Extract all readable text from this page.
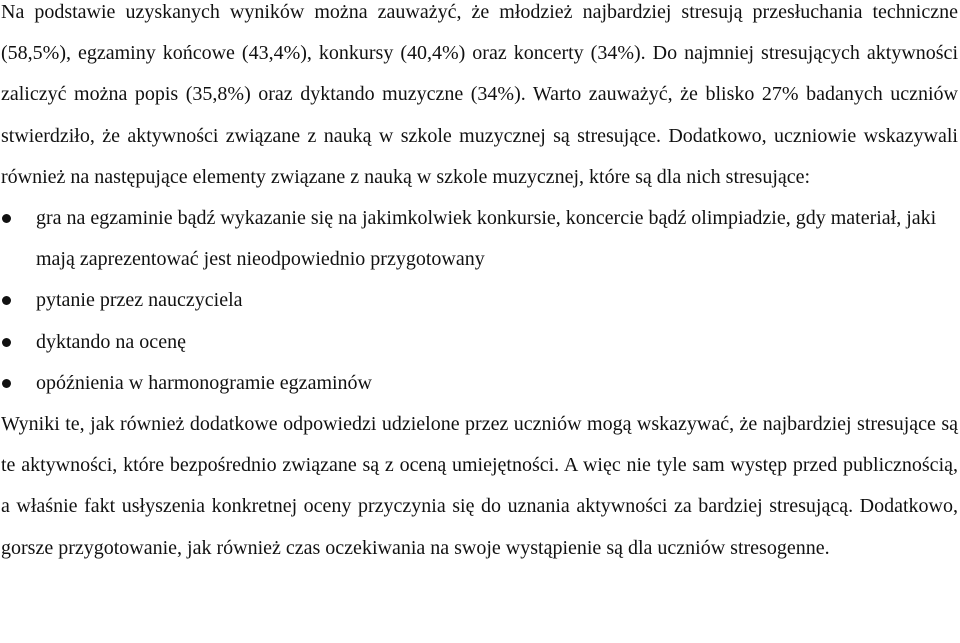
Na podstawie uzyskanych wyników można zauważyć, że młodzież najbardziej stresują przesłuchania techniczne (58,5%), egzaminy końcowe (43,4%), konkursy (40,4%) oraz koncerty (34%). Do najmniej stresujących aktywności zaliczyć można popis (35,8%) oraz dyktando muzyczne (34%). Warto zauważyć, że blisko 27% badanych uczniów stwierdziło, że aktywności związane z nauką w szkole muzycznej są stresujące. Dodatkowo, uczniowie wskazywali również na następujące elementy związane z nauką w szkole muzycznej, które są dla nich stresujące:

gra na egzaminie bądź wykazanie się na jakimkolwiek konkursie, koncercie bądź olimpiadzie, gdy materiał, jaki mają zaprezentować jest nieodpowiednio przygotowany
pytanie przez nauczyciela
dyktando na ocenę
opóźnienia w harmonogramie egzaminów

Wyniki te, jak również dodatkowe odpowiedzi udzielone przez uczniów mogą wskazywać, że najbardziej stresujące są te aktywności, które bezpośrednio związane są z oceną umiejętności. A więc nie tyle sam występ przed publicznością, a właśnie fakt usłyszenia konkretnej oceny przyczynia się do uznania aktywności za bardziej stresującą. Dodatkowo, gorsze przygotowanie, jak również czas oczekiwania na swoje wystąpienie są dla uczniów stresogenne.
